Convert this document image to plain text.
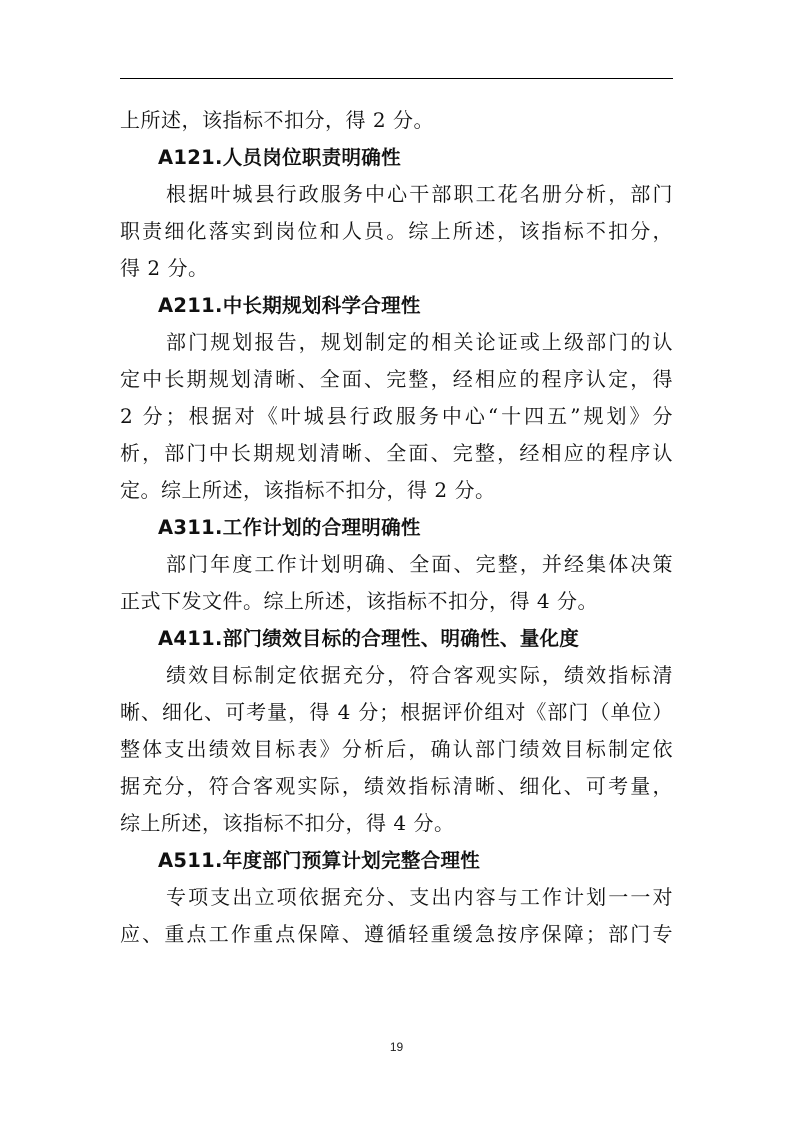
上所述，该指标不扣分，得 2 分。
A121.人员岗位职责明确性
根据叶城县行政服务中心干部职工花名册分析，部门
职责细化落实到岗位和人员。综上所述，该指标不扣分，
得 2 分。
A211.中长期规划科学合理性
部门规划报告，规划制定的相关论证或上级部门的认
定中长期规划清晰、全面、完整，经相应的程序认定，得
2 分；根据对《叶城县行政服务中心“十四五”规划》分
析，部门中长期规划清晰、全面、完整，经相应的程序认
定。综上所述，该指标不扣分，得 2 分。
A311.工作计划的合理明确性
部门年度工作计划明确、全面、完整，并经集体决策
正式下发文件。综上所述，该指标不扣分，得 4 分。
A411.部门绩效目标的合理性、明确性、量化度
绩效目标制定依据充分，符合客观实际，绩效指标清
晰、细化、可考量，得 4 分；根据评价组对《部门（单位）
整体支出绩效目标表》分析后，确认部门绩效目标制定依
据充分，符合客观实际，绩效指标清晰、细化、可考量，
综上所述，该指标不扣分，得 4 分。
A511.年度部门预算计划完整合理性
专项支出立项依据充分、支出内容与工作计划一一对
应、重点工作重点保障、遵循轻重缓急按序保障；部门专
19
